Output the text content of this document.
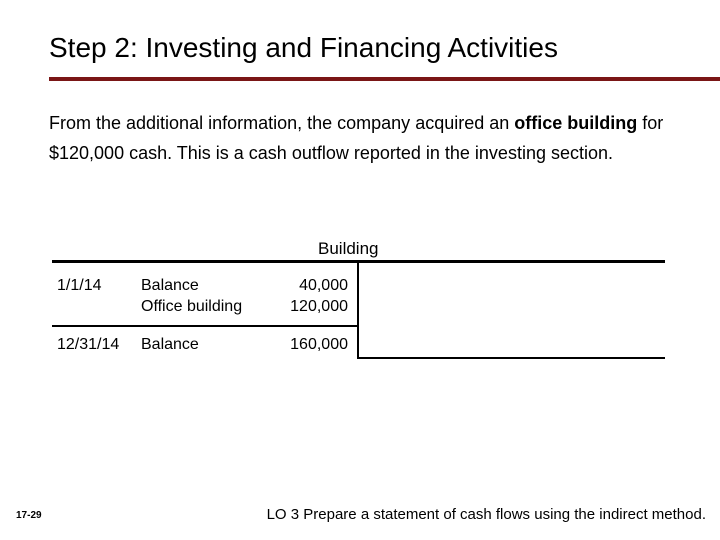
Step 2: Investing and Financing Activities
From the additional information, the company acquired an office building for $120,000 cash. This is a cash outflow reported in the investing section.
Building
1/1/14 Balance	40,000
Office building	120,000
12/31/14 Balance	160,000
17-29	LO 3 Prepare a statement of cash flows using the indirect method.
